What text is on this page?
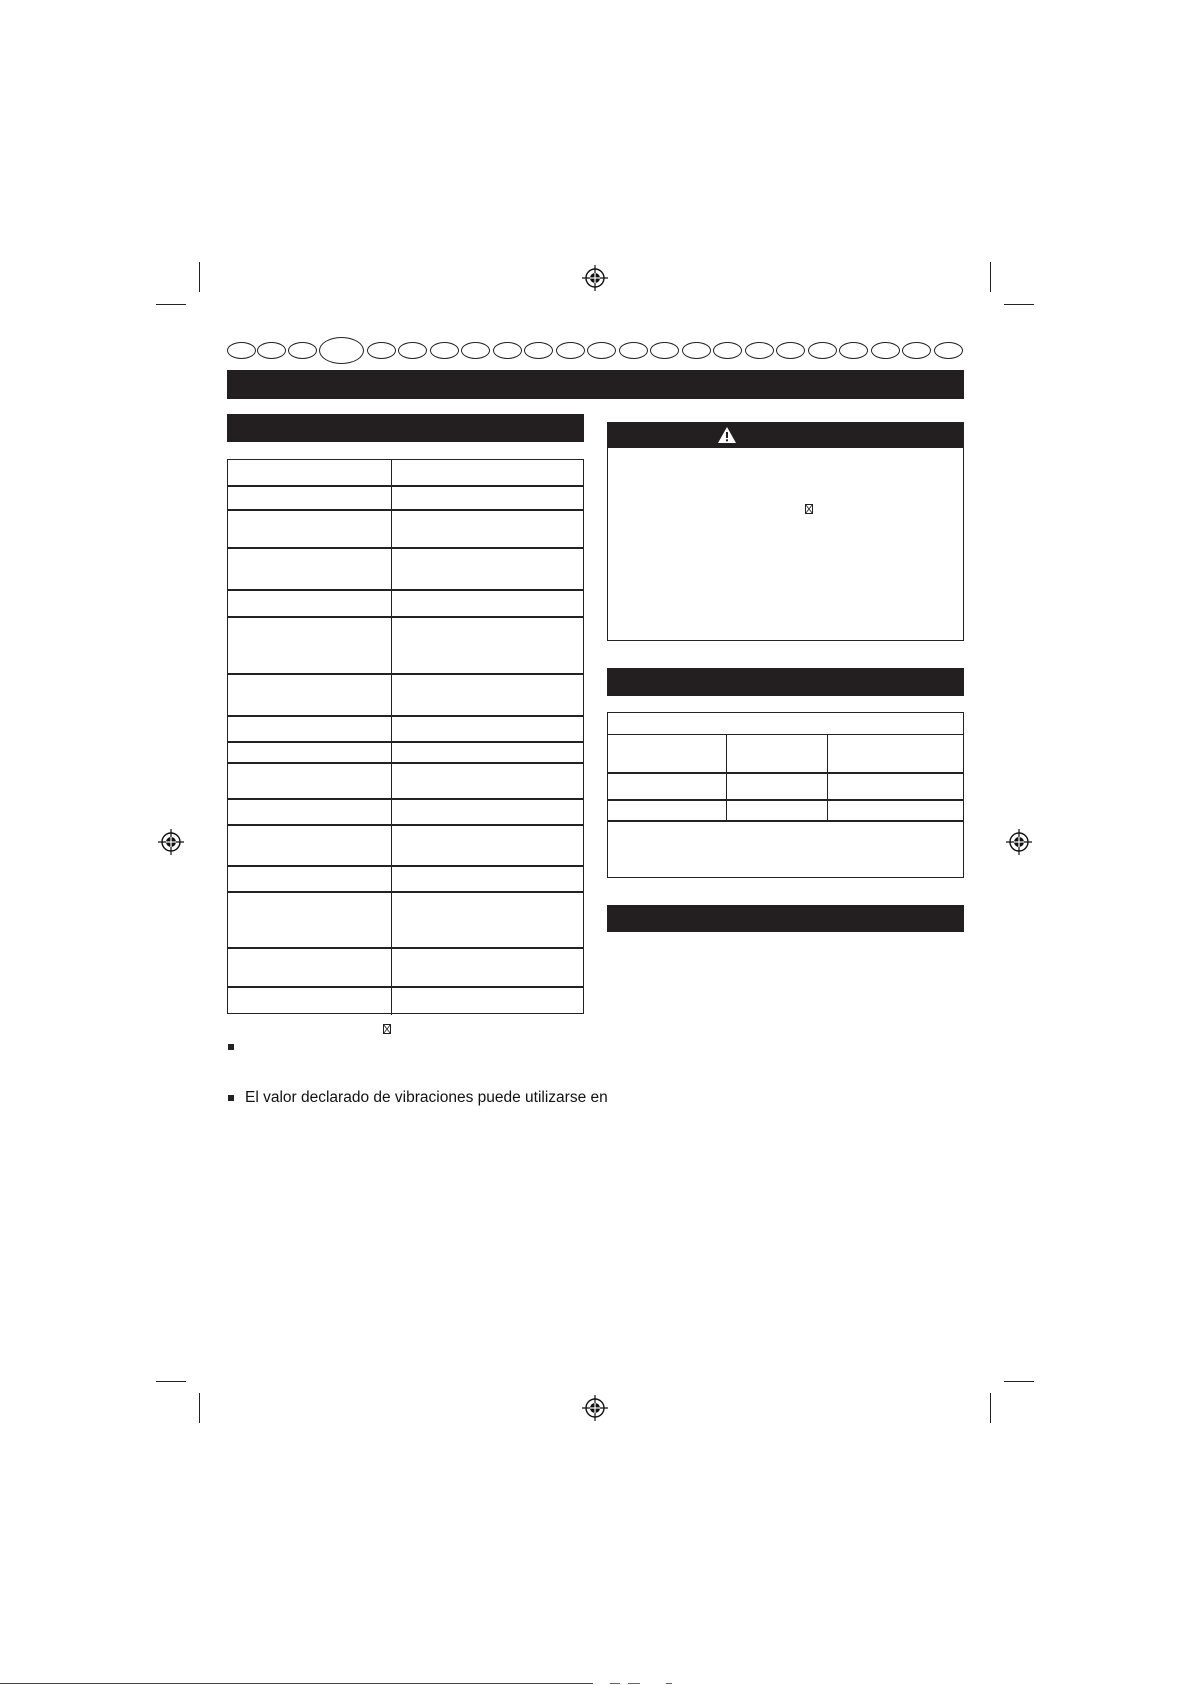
El valor declarado de vibraciones puede utilizarse en
